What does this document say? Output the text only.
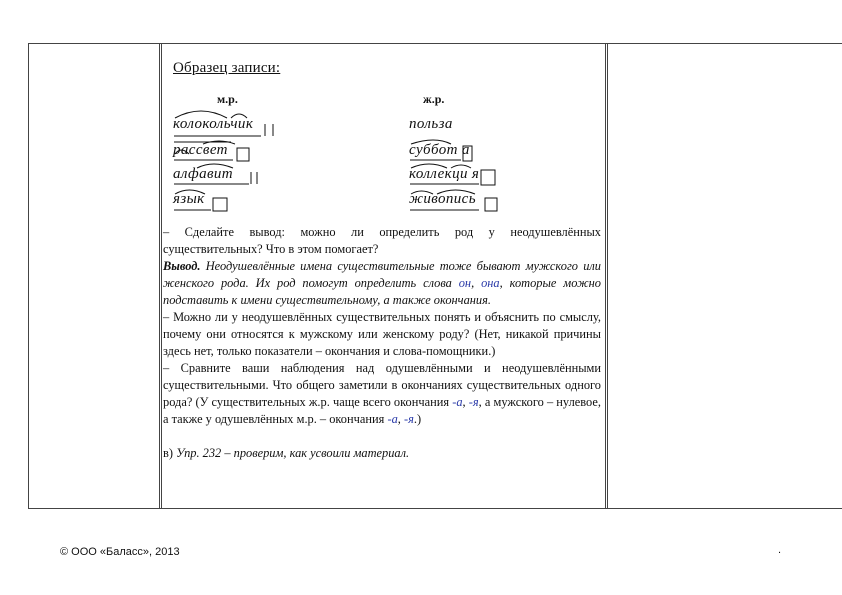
Образец записи:
м.р.	ж.р.
колокольчик
рассвет
алфавит
язык
польза
суббот а
коллекци я
живопись

– Сделайте вывод: можно ли определить род у неодушевлённых существительных? Что в этом помогает?

Вывод. Неодушевлённые имена существительные тоже бывают мужского или женского рода. Их род помогут определить слова он, она, которые можно подставить к имени существительному, а также окончания.

– Можно ли у неодушевлённых существительных понять и объяснить по смыслу, почему они относятся к мужскому или женскому роду? (Нет, никакой причины здесь нет, только показатели – окончания и слова-помощники.)

– Сравните ваши наблюдения над одушевлёнными и неодушевлёнными существительными. Что общего заметили в окончаниях существительных одного рода? (У существительных ж.р. чаще всего окончания -а, -я, а мужского – нулевое, а также у одушевлённых м.р. – окончания -а, -я.)

в) Упр. 232 – проверим, как усвоили материал.

© ООО «Баласс», 2013	.
